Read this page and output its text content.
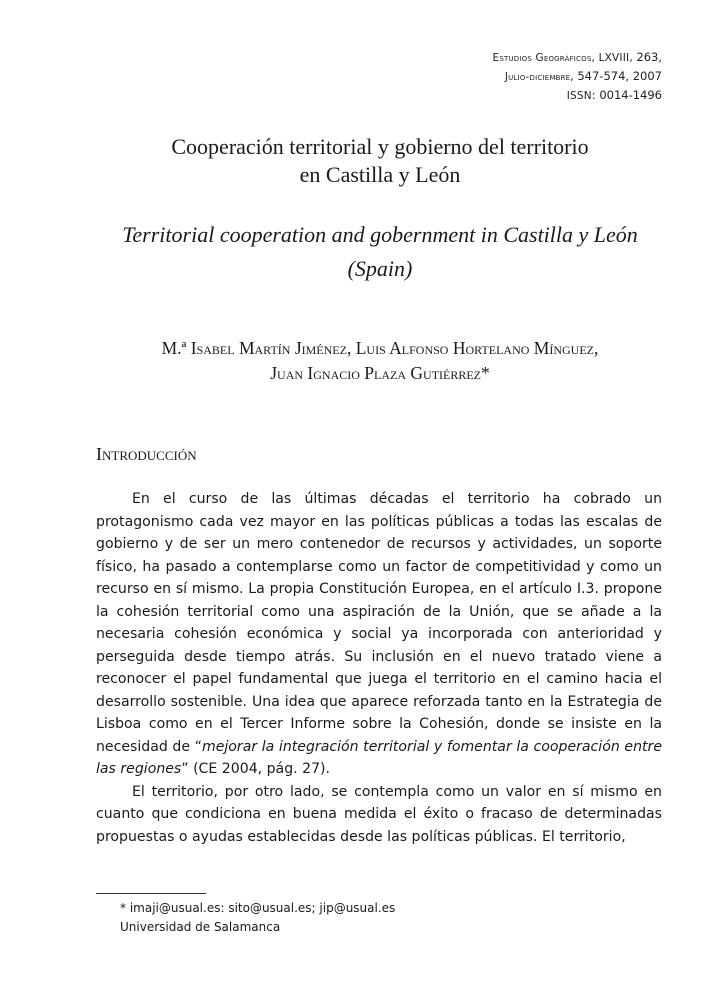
Estudios Geográficos, LXVIII, 263,
Julio-diciembre, 547-574, 2007
ISSN: 0014-1496
Cooperación territorial y gobierno del territorio
en Castilla y León
Territorial cooperation and gobernment in Castilla y León
(Spain)
M.ª Isabel Martín Jiménez, Luis Alfonso Hortelano Mínguez,
Juan Ignacio Plaza Gutiérrez*
Introducción

En el curso de las últimas décadas el territorio ha cobrado un protagonismo cada vez mayor en las políticas públicas a todas las escalas de gobierno y de ser un mero contenedor de recursos y actividades, un soporte físico, ha pasado a contemplarse como un factor de competitividad y como un recurso en sí mismo. La propia Constitución Europea, en el artículo I.3. propone la cohesión territorial como una aspiración de la Unión, que se añade a la necesaria cohesión económica y social ya incorporada con anterioridad y perseguida desde tiempo atrás. Su inclusión en el nuevo tratado viene a reconocer el papel fundamental que juega el territorio en el camino hacia el desarrollo sostenible. Una idea que aparece reforzada tanto en la Estrategia de Lisboa como en el Tercer Informe sobre la Cohesión, donde se insiste en la necesidad de “mejorar la integración territorial y fomentar la cooperación entre las regiones” (CE 2004, pág. 27).

El territorio, por otro lado, se contempla como un valor en sí mismo en cuanto que condiciona en buena medida el éxito o fracaso de determinadas propuestas o ayudas establecidas desde las políticas públicas. El territorio,

* imaji@usual.es: sito@usual.es; jip@usual.es
Universidad de Salamanca
